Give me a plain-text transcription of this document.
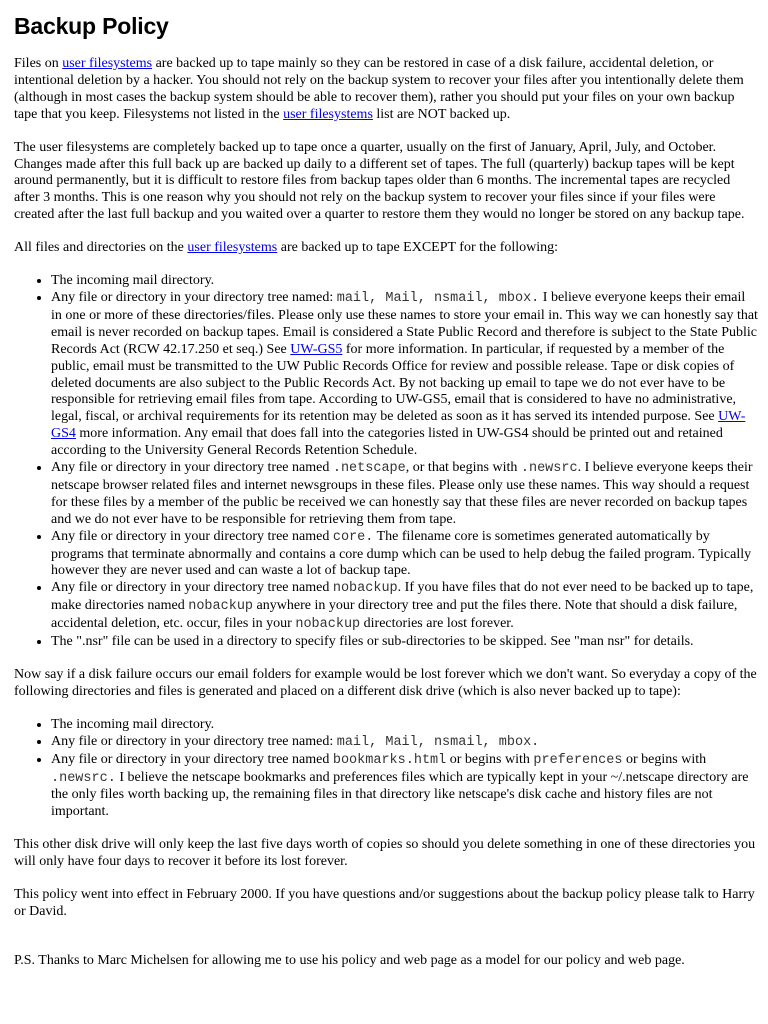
Backup Policy

Files on user filesystems are backed up to tape mainly so they can be restored in case of a disk failure, accidental deletion, or intentional deletion by a hacker. You should not rely on the backup system to recover your files after you intentionally delete them (although in most cases the backup system should be able to recover them), rather you should put your files on your own backup tape that you keep. Filesystems not listed in the user filesystems list are NOT backed up.

The user filesystems are completely backed up to tape once a quarter, usually on the first of January, April, July, and October. Changes made after this full back up are backed up daily to a different set of tapes. The full (quarterly) backup tapes will be kept around permanently, but it is difficult to restore files from backup tapes older than 6 months. The incremental tapes are recycled after 3 months. This is one reason why you should not rely on the backup system to recover your files since if your files were created after the last full backup and you waited over a quarter to restore them they would no longer be stored on any backup tape.

All files and directories on the user filesystems are backed up to tape EXCEPT for the following:

• The incoming mail directory.
• Any file or directory in your directory tree named: mail, Mail, nsmail, mbox. I believe everyone keeps their email in one or more of these directories/files. Please only use these names to store your email in. This way we can honestly say that email is never recorded on backup tapes. Email is considered a State Public Record and therefore is subject to the State Public Records Act (RCW 42.17.250 et seq.) See UW-GS5 for more information. In particular, if requested by a member of the public, email must be transmitted to the UW Public Records Office for review and possible release. Tape or disk copies of deleted documents are also subject to the Public Records Act. By not backing up email to tape we do not ever have to be responsible for retrieving email files from tape. According to UW-GS5, email that is considered to have no administrative, legal, fiscal, or archival requirements for its retention may be deleted as soon as it has served its intended purpose. See UW-GS4 more information. Any email that does fall into the categories listed in UW-GS4 should be printed out and retained according to the University General Records Retention Schedule.
• Any file or directory in your directory tree named .netscape, or that begins with .newsrc. I believe everyone keeps their netscape browser related files and internet newsgroups in these files. Please only use these names. This way should a request for these files by a member of the public be received we can honestly say that these files are never recorded on backup tapes and we do not ever have to be responsible for retrieving them from tape.
• Any file or directory in your directory tree named core. The filename core is sometimes generated automatically by programs that terminate abnormally and contains a core dump which can be used to help debug the failed program. Typically however they are never used and can waste a lot of backup tape.
• Any file or directory in your directory tree named nobackup. If you have files that do not ever need to be backed up to tape, make directories named nobackup anywhere in your directory tree and put the files there. Note that should a disk failure, accidental deletion, etc. occur, files in your nobackup directories are lost forever.
• The ".nsr" file can be used in a directory to specify files or sub-directories to be skipped. See "man nsr" for details.

Now say if a disk failure occurs our email folders for example would be lost forever which we don't want. So everyday a copy of the following directories and files is generated and placed on a different disk drive (which is also never backed up to tape):

• The incoming mail directory.
• Any file or directory in your directory tree named: mail, Mail, nsmail, mbox.
• Any file or directory in your directory tree named bookmarks.html or begins with preferences or begins with .newsrc. I believe the netscape bookmarks and preferences files which are typically kept in your ~/.netscape directory are the only files worth backing up, the remaining files in that directory like netscape's disk cache and history files are not important.

This other disk drive will only keep the last five days worth of copies so should you delete something in one of these directories you will only have four days to recover it before its lost forever.

This policy went into effect in February 2000. If you have questions and/or suggestions about the backup policy please talk to Harry or David.

P.S. Thanks to Marc Michelsen for allowing me to use his policy and web page as a model for our policy and web page.
